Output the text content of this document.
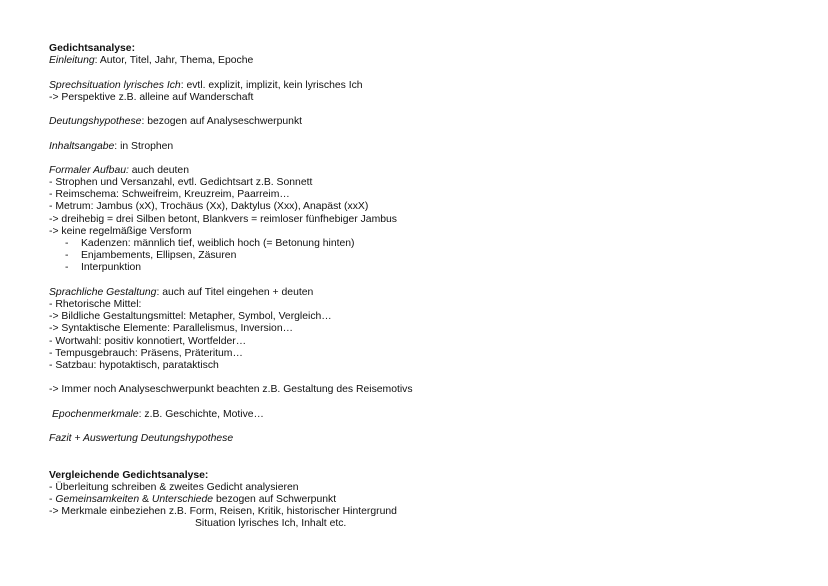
Gedichtsanalyse:
Einleitung: Autor, Titel, Jahr, Thema, Epoche
Sprechsituation lyrisches Ich: evtl. explizit, implizit, kein lyrisches Ich
-> Perspektive z.B. alleine auf Wanderschaft
Deutungshypothese: bezogen auf Analyseschwerpunkt
Inhaltsangabe: in Strophen
Formaler Aufbau: auch deuten
- Strophen und Versanzahl, evtl. Gedichtsart z.B. Sonnett
- Reimschema: Schweifreim, Kreuzreim, Paarreim…
- Metrum: Jambus (xX), Trochäus (Xx), Daktylus (Xxx), Anapäst (xxX)
-> dreihebig = drei Silben betont, Blankvers = reimloser fünfhebiger Jambus
-> keine regelmäßige Versform
-	Kadenzen: männlich tief, weiblich hoch (= Betonung hinten)
-	Enjambements, Ellipsen, Zäsuren
-	Interpunktion
Sprachliche Gestaltung: auch auf Titel eingehen + deuten
- Rhetorische Mittel:
-> Bildliche Gestaltungsmittel: Metapher, Symbol, Vergleich…
-> Syntaktische Elemente: Parallelismus, Inversion…
- Wortwahl: positiv konnotiert, Wortfelder…
- Tempusgebrauch: Präsens, Präteritum…
- Satzbau: hypotaktisch, parataktisch
-> Immer noch Analyseschwerpunkt beachten z.B. Gestaltung des Reisemotivs
Epochenmerkmale: z.B. Geschichte, Motive…
Fazit + Auswertung Deutungshypothese
Vergleichende Gedichtsanalyse:
- Überleitung schreiben & zweites Gedicht analysieren
- Gemeinsamkeiten & Unterschiede bezogen auf Schwerpunkt
-> Merkmale einbeziehen z.B. Form, Reisen, Kritik, historischer Hintergrund
Situation lyrisches Ich, Inhalt etc.
